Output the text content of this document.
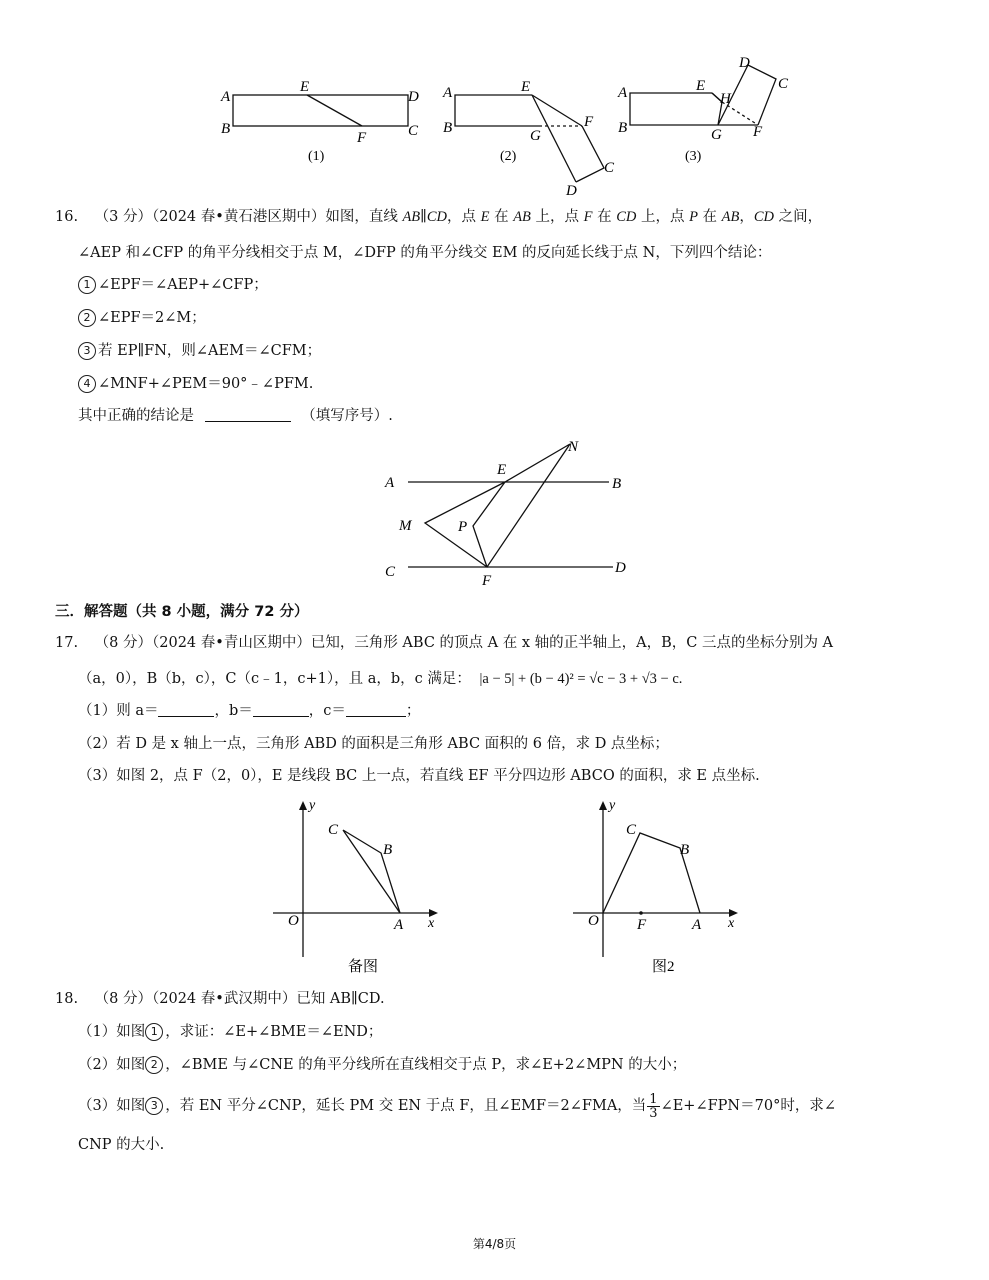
A
B
E
D
C
F
(1)
A
B
E
G
F
C
D
(2)
A
B
E
H
G F
D
C
(3)
16. （3 分）（2024 春•黄石港区期中）如图，直线 AB∥CD，点 E 在 AB 上，点 F 在 CD 上，点 P 在 AB，CD 之间，
∠AEP 和∠CFP 的角平分线相交于点 M，∠DFP 的角平分线交 EM 的反向延长线于点 N，下列四个结论：
1 ∠EPF＝∠AEP+∠CFP；
2 ∠EPF＝2∠M；
3 若 EP∥FN，则∠AEM＝∠CFM；
4 ∠MNF+∠PEM＝90°﹣∠PFM.
其中正确的结论是	（填写序号）.
A	B
E
N
M	P
C	D
F
三．解答题（共 8 小题，满分 72 分）
17. （8 分）（2024 春•青山区期中）已知，三角形 ABC 的顶点 A 在 x 轴的正半轴上，A，B，C 三点的坐标分别为 A
（a，0），B（b，c），C（c﹣1，c+1），且 a，b，c 满足： |a − 5| + (b − 4)² = √c − 3 + √3 − c.
（1）则 a＝	，b＝	，c＝	；
（2）若 D 是 x 轴上一点，三角形 ABD 的面积是三角形 ABC 面积的 6 倍，求 D 点坐标；
（3）如图 2，点 F（2，0），E 是线段 BC 上一点，若直线 EF 平分四边形 ABCO 的面积，求 E 点坐标.
y
x
O	A
B
C
备图
y
x
O	F	A
B
C
图2
18. （8 分）（2024 春•武汉期中）已知 AB∥CD.
（1）如图 1 ，求证：∠E+∠BME＝∠END；
（2）如图 2 ，∠BME 与∠CNE 的角平分线所在直线相交于点 P，求∠E+2∠MPN 的大小；
（3）如图 3 ，若 EN 平分∠CNP，延长 PM 交 EN 于点 F，且∠EMF＝2∠FMA，当 $\frac{1}{3}$ ∠E+∠FPN＝70°时，求∠
CNP 的大小.
第4/8页
